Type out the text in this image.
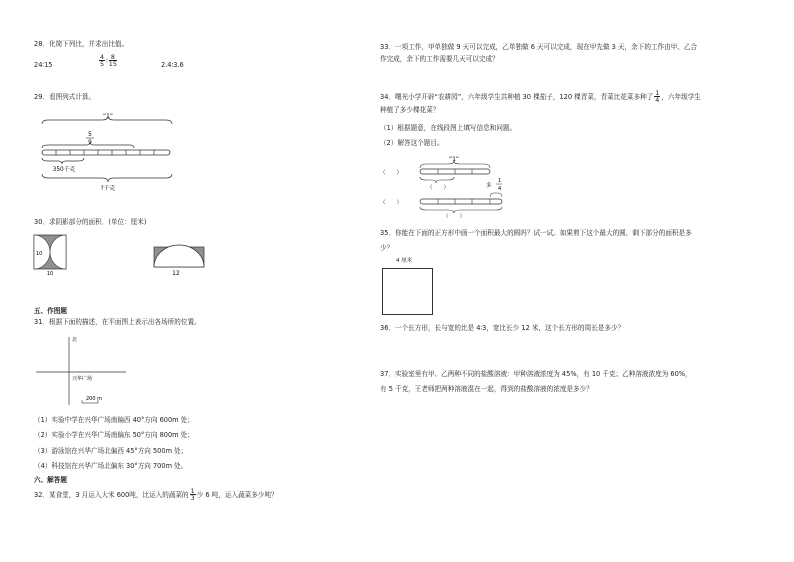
28．化简下列比，并求出比值。
24∶15	$\frac{4}{5}$ ∶ $\frac{8}{15}$	2.4∶3.6
29．看图列式计算。
“1”
5
9
350千克
?千克
30．求阴影部分的面积．(单位：厘米)
10
10	12
五、作图题
31．根据下面的描述，在平面图上表示出各场所的位置。
北
兴华广场
200 m
（1）实验中学在兴华广场南偏西 40°方向 600m 处；
（2）实验小学在兴华广场南偏东 50°方向 800m 处；
（3）游泳馆在兴华广场北偏西 45°方向 500m 处；
（4）科技馆在兴华广场北偏东 30°方向 700m 处。
六、解答题
32．某食堂，3 月运入大米 600吨，比运入的蔬菜的 $\frac{1}{3}$ 少 6 吨，运入蔬菜多少吨？
33．一项工作，甲单独做 9 天可以完成，乙单独做 6 天可以完成，现在甲先做 3 天，余下的工作由甲、乙合
作完成，余下的工作需要几天可以完成？
34．曙光小学开辟“农耕园”，六年级学生共种植 30 棵茄子，120 棵青菜，青菜比花菜多种了 $\frac{1}{4}$ ，六年级学生
种植了多少棵花菜？
（1）根据题意，在线段图上填写信息和问题。
（2）解答这个题目。
“1”
（　　）
（　　）	多
1
4
（　　）
（　　）
35．你能在下面的正方形中画一个面积最大的圆吗？试一试。如果剪下这个最大的圆，剩下部分的面积是多
少？
4 厘米
36．一个长方形，长与宽的比是 4∶3，宽比长少 12 米，这个长方形的周长是多少？
37．实验室里有甲、乙两种不同的盐酸溶液：甲种溶液浓度为 45%，有 10 千克；乙种溶液浓度为 60%，
有 5 千克，王老师把两种溶液混在一起，得到的盐酸溶液的浓度是多少？
